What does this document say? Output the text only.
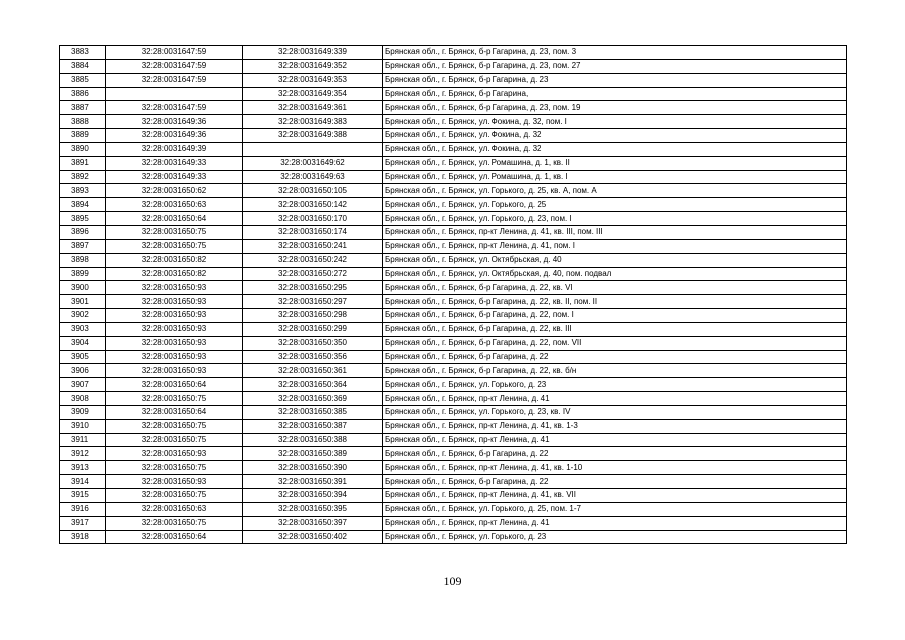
3883	32:28:0031647:59	32:28:0031649:339	Брянская обл., г. Брянск, б-р Гагарина, д. 23, пом. 3
3884	32:28:0031647:59	32:28:0031649:352	Брянская обл., г. Брянск, б-р Гагарина, д. 23, пом. 27
3885	32:28:0031647:59	32:28:0031649:353	Брянская обл., г. Брянск, б-р Гагарина, д. 23
3886		32:28:0031649:354	Брянская обл., г. Брянск, б-р Гагарина,
3887	32:28:0031647:59	32:28:0031649:361	Брянская обл., г. Брянск, б-р Гагарина, д. 23, пом. 19
3888	32:28:0031649:36	32:28:0031649:383	Брянская обл., г. Брянск, ул. Фокина, д. 32, пом. I
3889	32:28:0031649:36	32:28:0031649:388	Брянская обл., г. Брянск, ул. Фокина, д. 32
3890	32:28:0031649:39		Брянская обл., г. Брянск, ул. Фокина, д. 32
3891	32:28:0031649:33	32:28:0031649:62	Брянская обл., г. Брянск, ул. Ромашина, д. 1, кв. II
3892	32:28:0031649:33	32:28:0031649:63	Брянская обл., г. Брянск, ул. Ромашина, д. 1, кв. I
3893	32:28:0031650:62	32:28:0031650:105	Брянская обл., г. Брянск, ул. Горького, д. 25, кв. А, пом. А
3894	32:28:0031650:63	32:28:0031650:142	Брянская обл., г. Брянск, ул. Горького, д. 25
3895	32:28:0031650:64	32:28:0031650:170	Брянская обл., г. Брянск, ул. Горького, д. 23, пом. I
3896	32:28:0031650:75	32:28:0031650:174	Брянская обл., г. Брянск, пр-кт Ленина, д. 41, кв. III, пом. III
3897	32:28:0031650:75	32:28:0031650:241	Брянская обл., г. Брянск, пр-кт Ленина, д. 41, пом. I
3898	32:28:0031650:82	32:28:0031650:242	Брянская обл., г. Брянск, ул. Октябрьская, д. 40
3899	32:28:0031650:82	32:28:0031650:272	Брянская обл., г. Брянск, ул. Октябрьская, д. 40, пом. подвал
3900	32:28:0031650:93	32:28:0031650:295	Брянская обл., г. Брянск, б-р Гагарина, д. 22, кв. VI
3901	32:28:0031650:93	32:28:0031650:297	Брянская обл., г. Брянск, б-р Гагарина, д. 22, кв. II, пом. II
3902	32:28:0031650:93	32:28:0031650:298	Брянская обл., г. Брянск, б-р Гагарина, д. 22, пом. I
3903	32:28:0031650:93	32:28:0031650:299	Брянская обл., г. Брянск, б-р Гагарина, д. 22, кв. III
3904	32:28:0031650:93	32:28:0031650:350	Брянская обл., г. Брянск, б-р Гагарина, д. 22, пом. VII
3905	32:28:0031650:93	32:28:0031650:356	Брянская обл., г. Брянск, б-р Гагарина, д. 22
3906	32:28:0031650:93	32:28:0031650:361	Брянская обл., г. Брянск, б-р Гагарина, д. 22, кв. б/н
3907	32:28:0031650:64	32:28:0031650:364	Брянская обл., г. Брянск, ул. Горького, д. 23
3908	32:28:0031650:75	32:28:0031650:369	Брянская обл., г. Брянск, пр-кт Ленина, д. 41
3909	32:28:0031650:64	32:28:0031650:385	Брянская обл., г. Брянск, ул. Горького, д. 23, кв. IV
3910	32:28:0031650:75	32:28:0031650:387	Брянская обл., г. Брянск, пр-кт Ленина, д. 41, кв. 1-3
3911	32:28:0031650:75	32:28:0031650:388	Брянская обл., г. Брянск, пр-кт Ленина, д. 41
3912	32:28:0031650:93	32:28:0031650:389	Брянская обл., г. Брянск, б-р Гагарина, д. 22
3913	32:28:0031650:75	32:28:0031650:390	Брянская обл., г. Брянск, пр-кт Ленина, д. 41, кв. 1-10
3914	32:28:0031650:93	32:28:0031650:391	Брянская обл., г. Брянск, б-р Гагарина, д. 22
3915	32:28:0031650:75	32:28:0031650:394	Брянская обл., г. Брянск, пр-кт Ленина, д. 41, кв. VII
3916	32:28:0031650:63	32:28:0031650:395	Брянская обл., г. Брянск, ул. Горького, д. 25, пом. 1-7
3917	32:28:0031650:75	32:28:0031650:397	Брянская обл., г. Брянск, пр-кт Ленина, д. 41
3918	32:28:0031650:64	32:28:0031650:402	Брянская обл., г. Брянск, ул. Горького, д. 23
109
